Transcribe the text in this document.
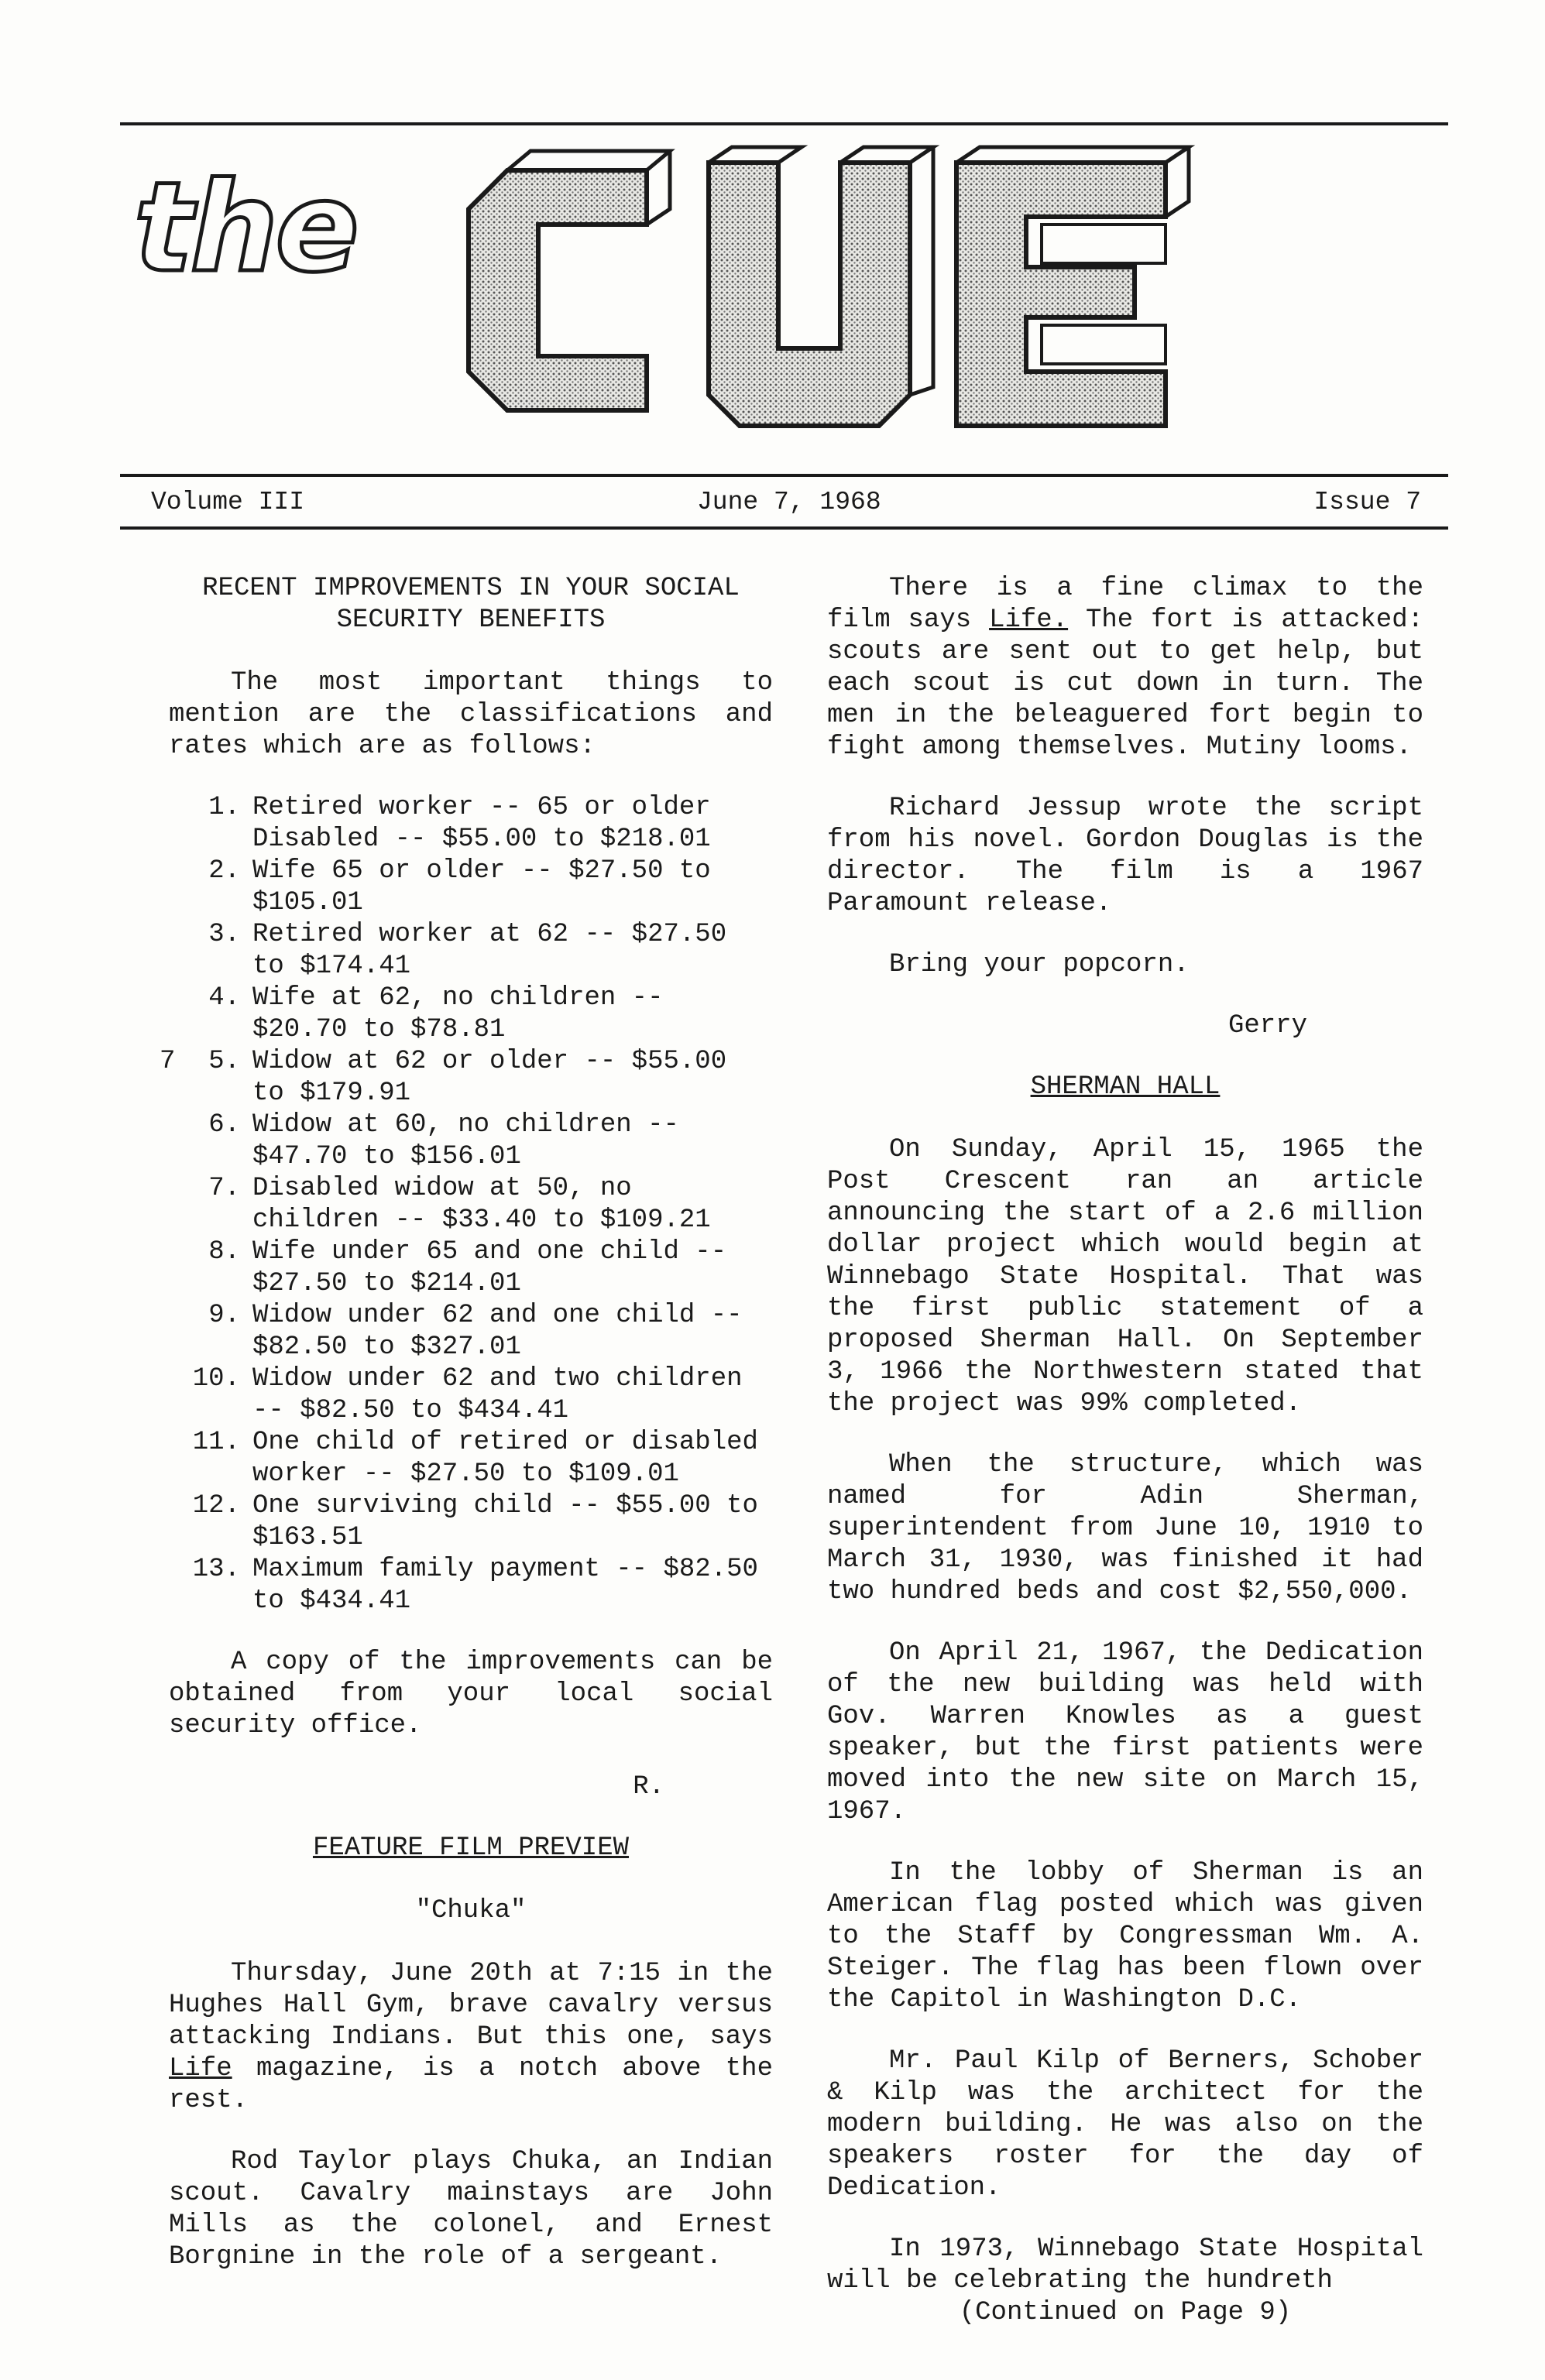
the
Volume III	June 7, 1968	Issue 7
RECENT IMPROVEMENTS IN YOUR SOCIAL
SECURITY BENEFITS

The most important things to mention are the classifications and rates which are as follows:

1. Retired worker -- 65 or older Disabled -- $55.00 to $218.01
2. Wife 65 or older -- $27.50 to $105.01
3. Retired worker at 62 -- $27.50 to $174.41
4. Wife at 62, no children -- $20.70 to $78.81
7	5. Widow at 62 or older -- $55.00 to $179.91
6. Widow at 60, no children -- $47.70 to $156.01
7. Disabled widow at 50, no children -- $33.40 to $109.21
8. Wife under 65 and one child -- $27.50 to $214.01
9. Widow under 62 and one child -- $82.50 to $327.01
10. Widow under 62 and two children -- $82.50 to $434.41
11. One child of retired or disabled worker -- $27.50 to $109.01
12. One surviving child -- $55.00 to $163.51
13. Maximum family payment -- $82.50 to $434.41

A copy of the improvements can be obtained from your local social security office.

R.
FEATURE FILM PREVIEW
"Chuka"

Thursday, June 20th at 7:15 in the Hughes Hall Gym, brave cavalry versus attacking Indians. But this one, says Life magazine, is a notch above the rest.

Rod Taylor plays Chuka, an Indian scout. Cavalry mainstays are John Mills as the colonel, and Ernest Borgnine in the role of a sergeant.

There is a fine climax to the film says Life. The fort is attacked: scouts are sent out to get help, but each scout is cut down in turn. The men in the beleaguered fort begin to fight among themselves. Mutiny looms.

Richard Jessup wrote the script from his novel. Gordon Douglas is the director. The film is a 1967 Paramount release.

Bring your popcorn.

Gerry
SHERMAN HALL

On Sunday, April 15, 1965 the Post Crescent ran an article announcing the start of a 2.6 million dollar project which would begin at Winnebago State Hospital. That was the first public statement of a proposed Sherman Hall. On September 3, 1966 the Northwestern stated that the project was 99% completed.

When the structure, which was named for Adin Sherman, superintendent from June 10, 1910 to March 31, 1930, was finished it had two hundred beds and cost $2,550,000.

On April 21, 1967, the Dedication of the new building was held with Gov. Warren Knowles as a guest speaker, but the first patients were moved into the new site on March 15, 1967.

In the lobby of Sherman is an American flag posted which was given to the Staff by Congressman Wm. A. Steiger. The flag has been flown over the Capitol in Washington D.C.

Mr. Paul Kilp of Berners, Schober & Kilp was the architect for the modern building. He was also on the speakers roster for the day of Dedication.

In 1973, Winnebago State Hospital will be celebrating the hundreth

(Continued on Page 9)
